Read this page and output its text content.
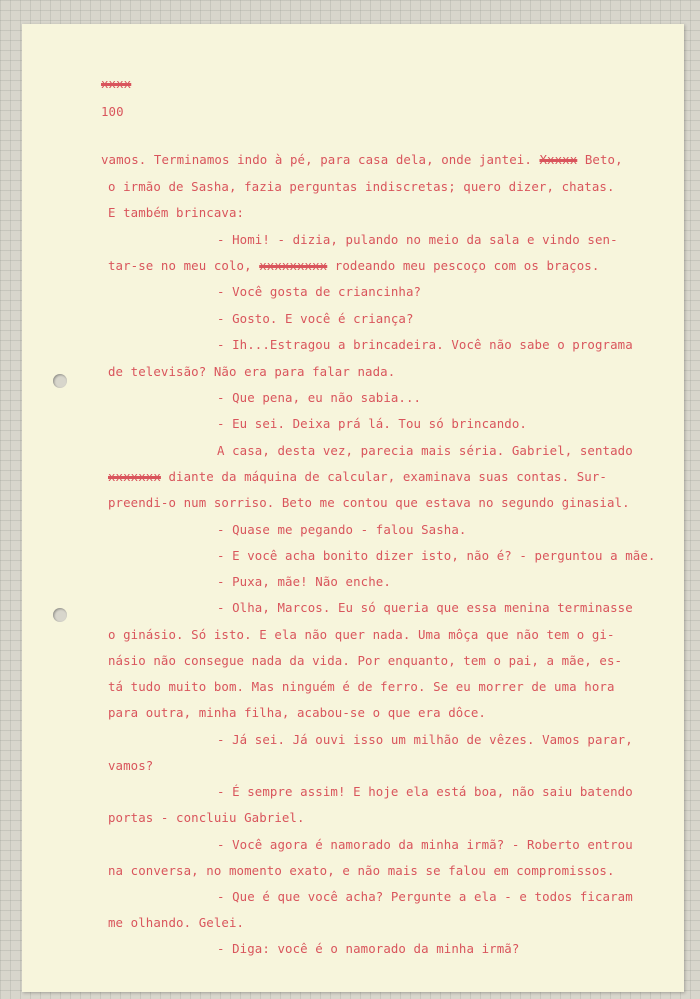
xxxx
100
vamos. Terminamos indo à pé, para casa dela, onde jantei. Xxxxx Beto,
o irmão de Sasha, fazia perguntas indiscretas; quero dizer, chatas.
E também brincava:
- Homi! - dizia, pulando no meio da sala e vindo sen-
tar-se no meu colo, xxxxxxxxx rodeando meu pescoço com os braços.
- Você gosta de criancinha?
- Gosto. E você é criança?
- Ih...Estragou a brincadeira. Você não sabe o programa
de televisão? Não era para falar nada.
- Que pena, eu não sabia...
- Eu sei. Deixa prá lá. Tou só brincando.
A casa, desta vez, parecia mais séria. Gabriel, sentado
xxxxxxx diante da máquina de calcular, examinava suas contas. Sur-
preendi-o num sorriso. Beto me contou que estava no segundo ginasial.
- Quase me pegando - falou Sasha.
- E você acha bonito dizer isto, não é? - perguntou a mãe.
- Puxa, mãe! Não enche.
- Olha, Marcos. Eu só queria que essa menina terminasse
o ginásio. Só isto. E ela não quer nada. Uma môça que não tem o gi-
násio não consegue nada da vida. Por enquanto, tem o pai, a mãe, es-
tá tudo muito bom. Mas ninguém é de ferro. Se eu morrer de uma hora
para outra, minha filha, acabou-se o que era dôce.
- Já sei. Já ouvi isso um milhão de vêzes. Vamos parar,
vamos?
- É sempre assim! E hoje ela está boa, não saiu batendo
portas - concluiu Gabriel.
- Você agora é namorado da minha irmã? - Roberto entrou
na conversa, no momento exato, e não mais se falou em compromissos.
- Que é que você acha? Pergunte a ela - e todos ficaram
me olhando. Gelei.
- Diga: você é o namorado da minha irmã?
